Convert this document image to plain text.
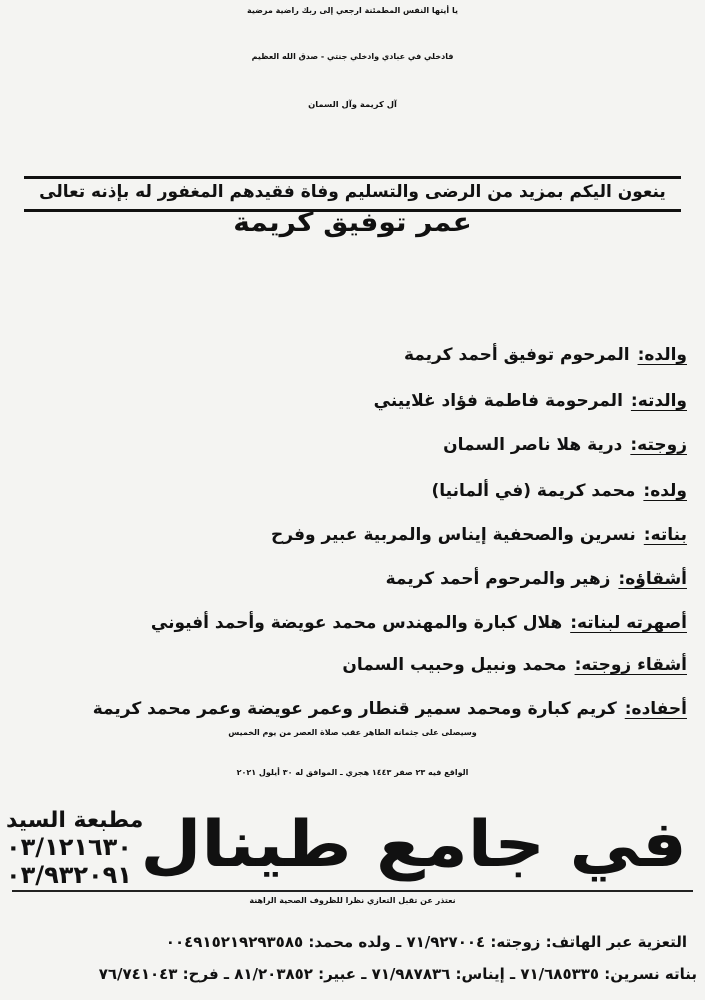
يا أيتها النفس المطمئنة ارجعي إلى ربك راضية مرضية
فادخلي في عبادي وادخلي جنتي - صدق الله العظيم
آل كريمة وآل السمان
ينعون اليكم بمزيد من الرضى والتسليم وفاة فقيدهم المغفور له بإذنه تعالى
عمر توفيق كريمة
والده:
المرحوم توفيق أحمد كريمة
والدته:
المرحومة فاطمة فؤاد غلاييني
زوجته:
درية هلا ناصر السمان
ولده:
محمد كريمة (في ألمانيا)
بناته:
نسرين والصحفية إيناس والمربية عبير وفرح
أشقاؤه:
زهير والمرحوم أحمد كريمة
أصهرته لبناته:
هلال كبارة والمهندس محمد عويضة وأحمد أفيوني
أشقاء زوجته:
محمد ونبيل وحبيب السمان
أحفاده:
كريم كبارة ومحمد سمير قنطار وعمر عويضة وعمر محمد كريمة
وسيصلى على جثمانه الطاهر عقب صلاة العصر من يوم الخميس
الواقع فيه ٢٣ صفر ١٤٤٣ هجري ـ الموافق له ٣٠ أيلول ٢٠٢١
في جامع طينال
مطبعة السيد
٠٣/١٢١٦٣٠
٠٣/٩٣٢٠٩١
نعتذر عن تقبل التعازي نظرا للظروف الصحية الراهنة
التعزية عبر الهاتف: زوجته: ٧١/٩٢٧٠٠٤ ـ ولده محمد: ٠٠٤٩١٥٢١٩٢٩٣٥٨٥
بناته نسرين: ٧١/٦٨٥٣٣٥ ـ إيناس: ٧١/٩٨٧٨٣٦ ـ عبير: ٨١/٢٠٣٨٥٢ ـ فرح: ٧٦/٧٤١٠٤٣
